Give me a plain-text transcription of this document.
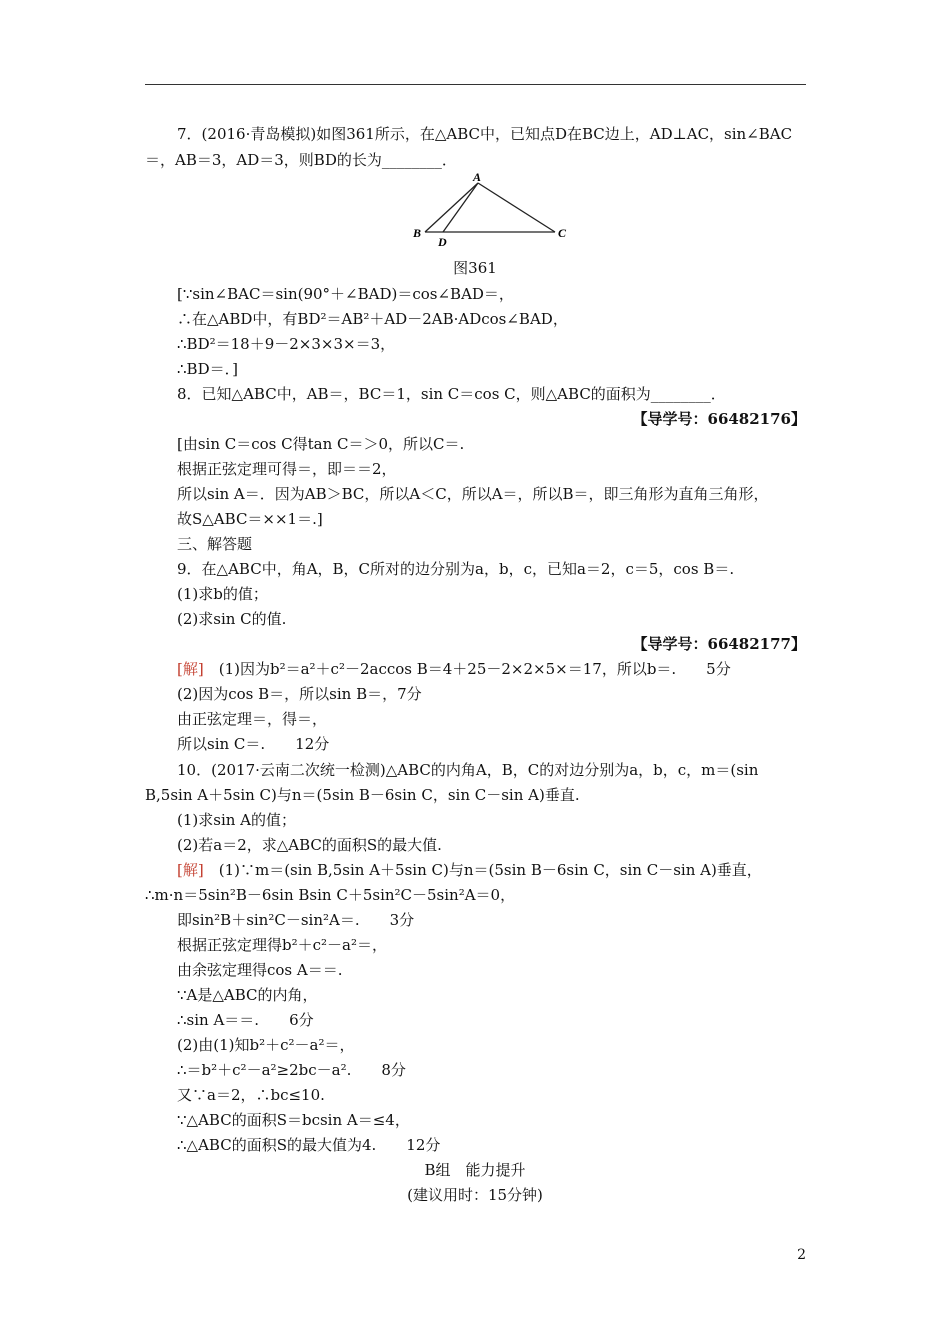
7．(2016·青岛模拟)如图361所示，在△ABC中，已知点D在BC边上，AD⊥AC，sin∠BAC
＝，AB＝3，AD＝3，则BD的长为________．
图361
[∵sin∠BAC＝sin(90°＋∠BAD)＝cos∠BAD＝，
∴在△ABD中，有BD²＝AB²＋AD－2AB·ADcos∠BAD，
∴BD²＝18＋9－2×3×3×＝3，
∴BD＝．]
8．已知△ABC中，AB＝，BC＝1，sin C＝cos C，则△ABC的面积为________．
【导学号：66482176】
[由sin C＝cos C得tan C＝＞0，所以C＝.
根据正弦定理可得＝，即＝＝2，
所以sin A＝．因为AB＞BC，所以A＜C，所以A＝，所以B＝，即三角形为直角三角形，
故S△ABC＝××1＝.]
三、解答题
9．在△ABC中，角A，B，C所对的边分别为a，b，c，已知a＝2，c＝5，cos B＝.
(1)求b的值；
(2)求sin C的值.
【导学号：66482177】
[解]　(1)因为b²＝a²＋c²－2accos B＝4＋25－2×2×5×＝17，所以b＝.　　5分
(2)因为cos B＝，所以sin B＝，7分
由正弦定理＝，得＝，
所以sin C＝.　　12分
10．(2017·云南二次统一检测)△ABC的内角A，B，C的对边分别为a，b，c，m＝(sin
B,5sin A＋5sin C)与n＝(5sin B－6sin C，sin C－sin A)垂直.
(1)求sin A的值；
(2)若a＝2，求△ABC的面积S的最大值.
[解]　(1)∵m＝(sin B,5sin A＋5sin C)与n＝(5sin B－6sin C，sin C－sin A)垂直，
∴m·n＝5sin²B－6sin Bsin C＋5sin²C－5sin²A＝0，
即sin²B＋sin²C－sin²A＝.　　3分
根据正弦定理得b²＋c²－a²＝，
由余弦定理得cos A＝＝.
∵A是△ABC的内角，
∴sin A＝＝.　　6分
(2)由(1)知b²＋c²－a²＝，
∴＝b²＋c²－a²≥2bc－a².　　8分
又∵a＝2，∴bc≤10.
∵△ABC的面积S＝bcsin A＝≤4，
∴△ABC的面积S的最大值为4.　　12分
B组　能力提升
(建议用时：15分钟)
A
B
D
C
2
